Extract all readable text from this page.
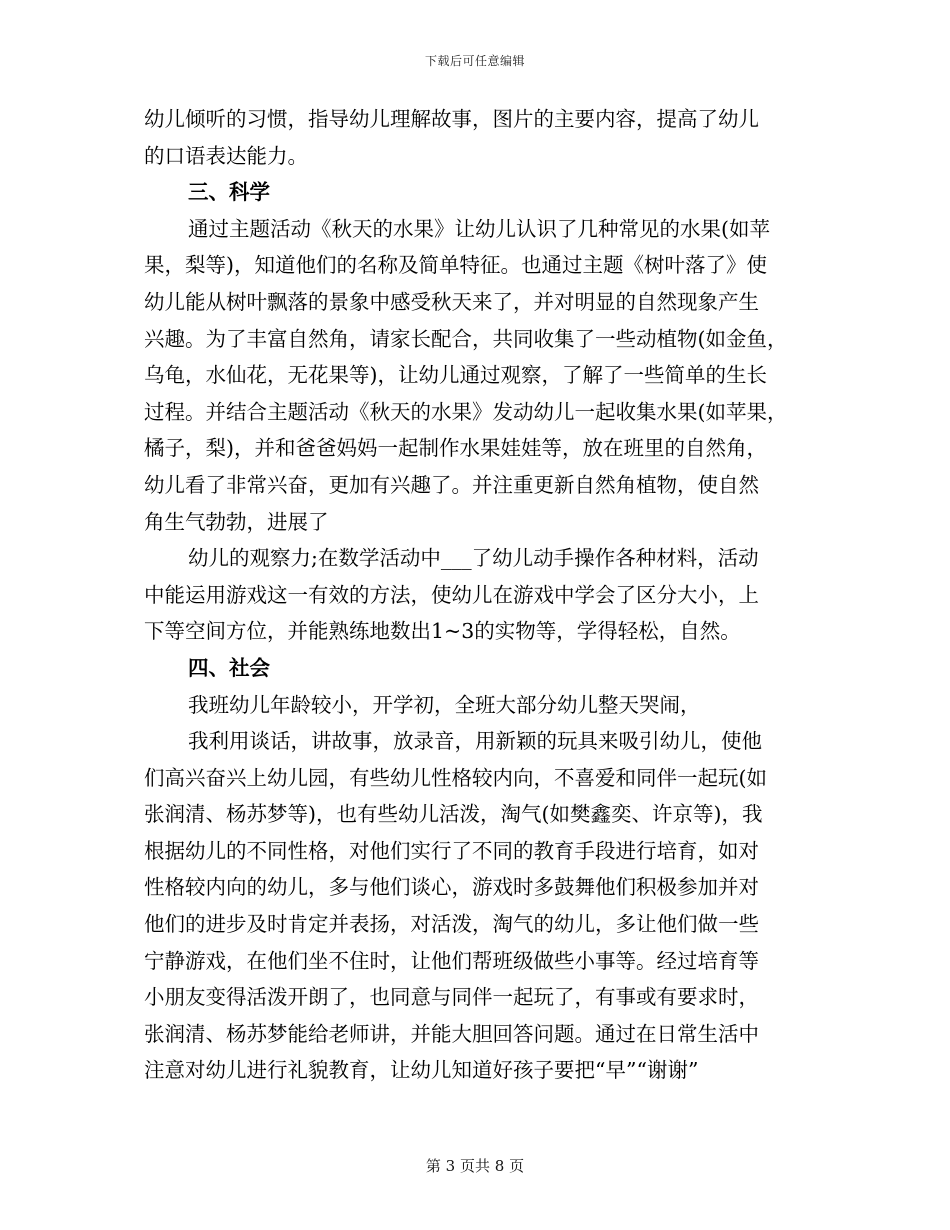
下载后可任意编辑
幼儿倾听的习惯，指导幼儿理解故事，图片的主要内容，提高了幼儿
的口语表达能力。
三、科学
通过主题活动《秋天的水果》让幼儿认识了几种常见的水果(如苹
果，梨等)，知道他们的名称及简单特征。也通过主题《树叶落了》使
幼儿能从树叶飘落的景象中感受秋天来了，并对明显的自然现象产生
兴趣。为了丰富自然角，请家长配合，共同收集了一些动植物(如金鱼，
乌龟，水仙花，无花果等)，让幼儿通过观察，了解了一些简单的生长
过程。并结合主题活动《秋天的水果》发动幼儿一起收集水果(如苹果，
橘子，梨)，并和爸爸妈妈一起制作水果娃娃等，放在班里的自然角，
幼儿看了非常兴奋，更加有兴趣了。并注重更新自然角植物，使自然
角生气勃勃，进展了
幼儿的观察力;在数学活动中___了幼儿动手操作各种材料，活动
中能运用游戏这一有效的方法，使幼儿在游戏中学会了区分大小，上
下等空间方位，并能熟练地数出1~3的实物等，学得轻松，自然。
四、社会
我班幼儿年龄较小，开学初，全班大部分幼儿整天哭闹，
我利用谈话，讲故事，放录音，用新颖的玩具来吸引幼儿，使他
们高兴奋兴上幼儿园，有些幼儿性格较内向，不喜爱和同伴一起玩(如
张润清、杨苏梦等)，也有些幼儿活泼，淘气(如樊鑫奕、许京等)，我
根据幼儿的不同性格，对他们实行了不同的教育手段进行培育，如对
性格较内向的幼儿，多与他们谈心，游戏时多鼓舞他们积极参加并对
他们的进步及时肯定并表扬，对活泼，淘气的幼儿，多让他们做一些
宁静游戏，在他们坐不住时，让他们帮班级做些小事等。经过培育等
小朋友变得活泼开朗了，也同意与同伴一起玩了，有事或有要求时，
张润清、杨苏梦能给老师讲，并能大胆回答问题。通过在日常生活中
注意对幼儿进行礼貌教育，让幼儿知道好孩子要把“早”“谢谢”
第 3 页共 8 页
